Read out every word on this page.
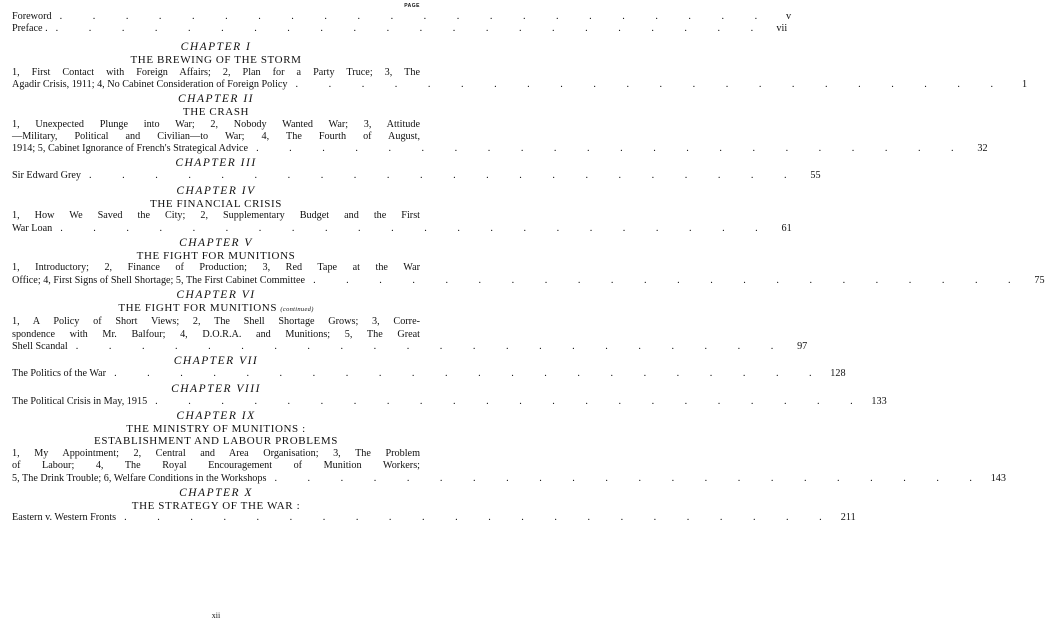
PAGE
Foreword . . . . . . . . . . . . . . . . . . . . . .	v
Preface . . . . . . . . . . . . . . . . . . . . . . . vii
CHAPTER I
THE BREWING OF THE STORM
1, First Contact with Foreign Affairs; 2, Plan for a Party Truce; 3, The
Agadir Crisis, 1911; 4, No Cabinet Consideration of Foreign Policy . . . . . . . . . . . . . . . . . . . . . .	1
CHAPTER II
THE CRASH
1, Unexpected Plunge into War; 2, Nobody Wanted War; 3, Attitude
—Military, Political and Civilian—to War; 4, The Fourth of August,
1914; 5, Cabinet Ignorance of French's Strategical Advice . . . . . . . . . . . . . . . . . . . . . . 32
CHAPTER III
Sir Edward Grey . . . . . . . . . . . . . . . . . . . . . . 55
CHAPTER IV
THE FINANCIAL CRISIS
1, How We Saved the City; 2, Supplementary Budget and the First
War Loan . . . . . . . . . . . . . . . . . . . . . . 61
CHAPTER V
THE FIGHT FOR MUNITIONS
1, Introductory; 2, Finance of Production; 3, Red Tape at the War
Office; 4, First Signs of Shell Shortage; 5, The First Cabinet Committee . . . . . . . . . . . . . . . . . . . . . . 75
CHAPTER VI
THE FIGHT FOR MUNITIONS (continued)
1, A Policy of Short Views; 2, The Shell Shortage Grows; 3, Corre-
spondence with Mr. Balfour; 4, D.O.R.A. and Munitions; 5, The Great
Shell Scandal . . . . . . . . . . . . . . . . . . . . . . 97
CHAPTER VII
The Politics of the War . . . . . . . . . . . . . . . . . . . . . . 128
CHAPTER VIII
The Political Crisis in May, 1915 . . . . . . . . . . . . . . . . . . . . . . 133
CHAPTER IX
THE MINISTRY OF MUNITIONS :
ESTABLISHMENT AND LABOUR PROBLEMS
1, My Appointment; 2, Central and Area Organisation; 3, The Problem
of Labour; 4, The Royal Encouragement of Munition Workers;
5, The Drink Trouble; 6, Welfare Conditions in the Workshops . . . . . . . . . . . . . . . . . . . . . . 143
CHAPTER X
THE STRATEGY OF THE WAR :
Eastern v. Western Fronts . . . . . . . . . . . . . . . . . . . . . . 211
xii
